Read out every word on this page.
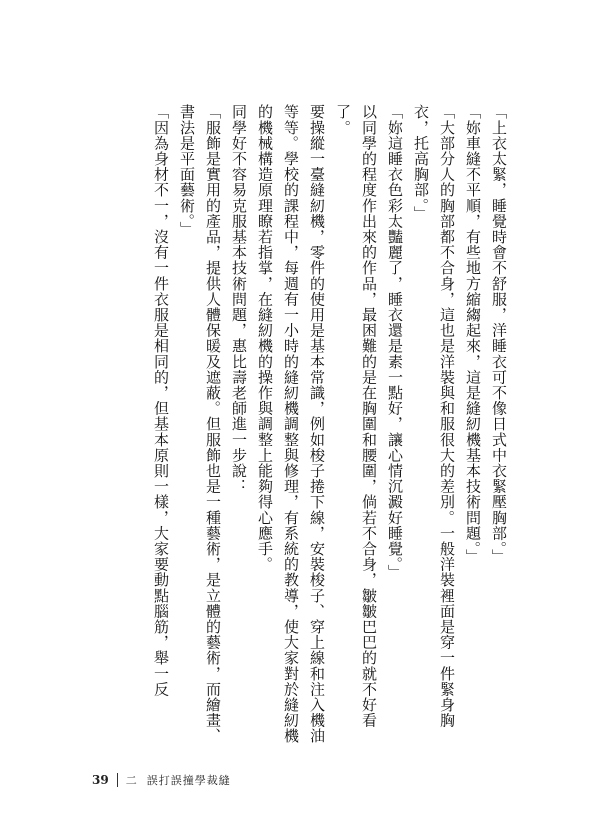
「上衣太緊，睡覺時會不舒服，洋睡衣可不像日式中衣緊壓胸部。」

「妳車縫不平順，有些地方縮縐起來，這是縫紉機基本技術問題。」

「大部分人的胸部都不合身，這也是洋裝與和服很大的差別。一般洋裝裡面是穿一件緊身胸衣，托高胸部。」

「妳這睡衣色彩太豔麗了，睡衣還是素一點好，讓心情沉澱好睡覺。」

以同學的程度作出來的作品，最困難的是在胸圍和腰圍，倘若不合身，皺皺巴巴的就不好看了。

要操縱一臺縫紉機，零件的使用是基本常識，例如梭子捲下線，安裝梭子、穿上線和注入機油等等。學校的課程中，每週有一小時的縫紉機調整與修理，有系統的教導，使大家對於縫紉機的機械構造原理瞭若指掌，在縫紉機的操作與調整上能夠得心應手。

同學好不容易克服基本技術問題，惠比壽老師進一步說：

「服飾是實用的產品，提供人體保暖及遮蔽。但服飾也是一種藝術，是立體的藝術，而繪畫、書法是平面藝術。」

「因為身材不一，沒有一件衣服是相同的，但基本原則一樣，大家要動點腦筋，舉一反

39 二 誤打誤撞學裁縫
